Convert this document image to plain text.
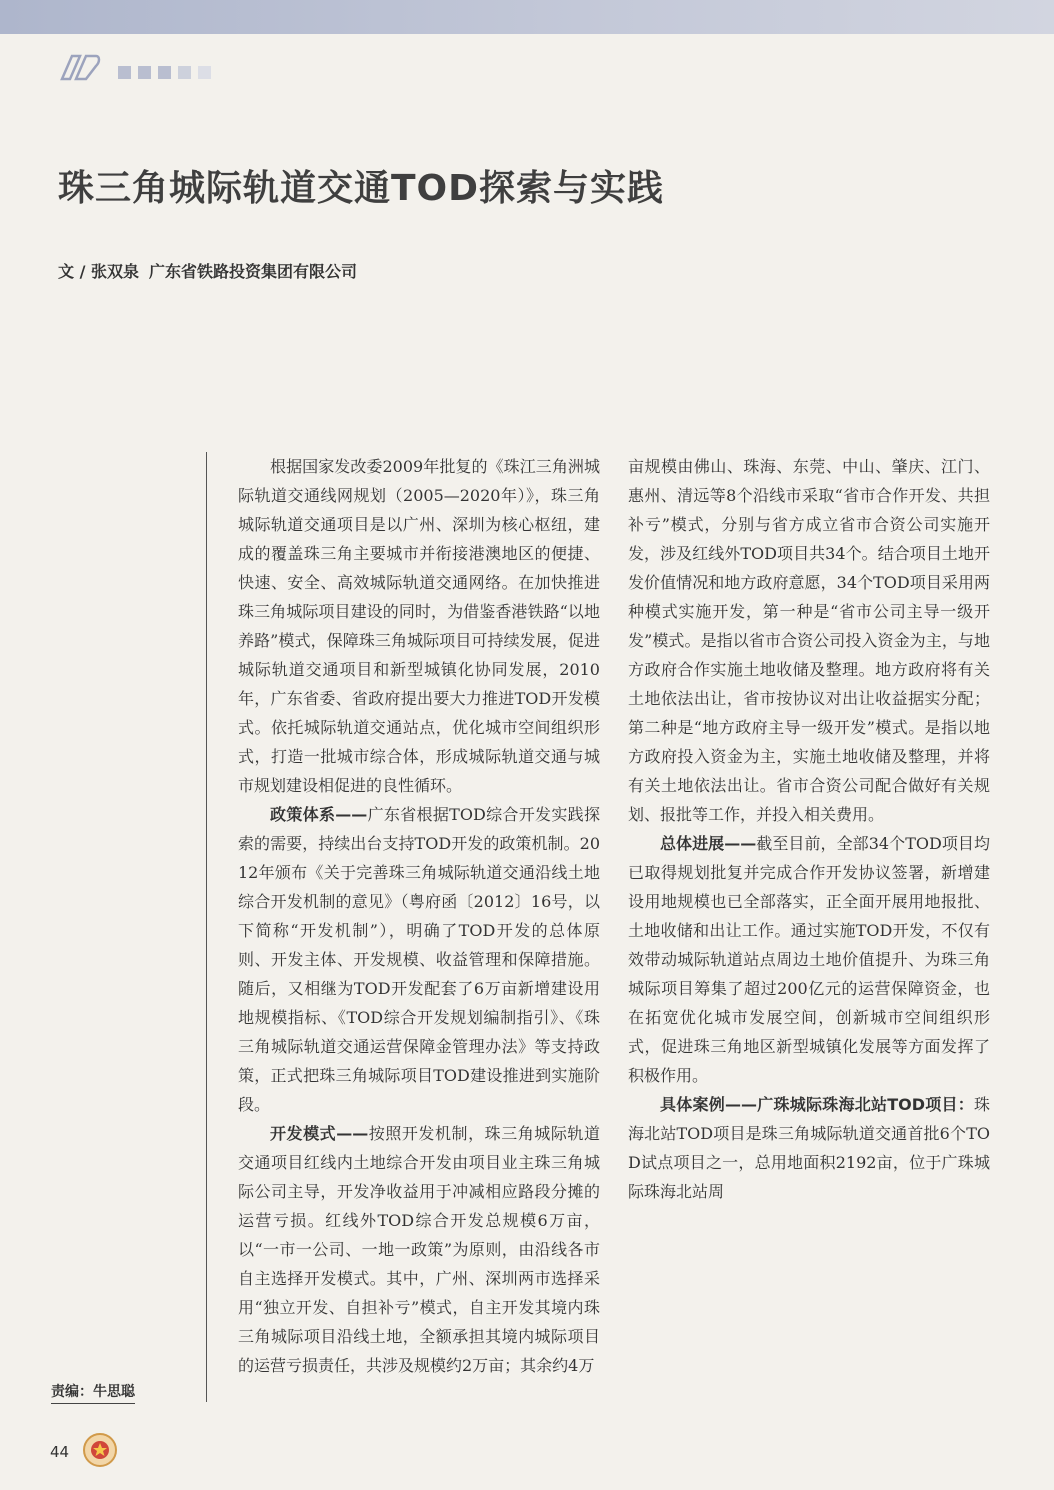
珠三角城际轨道交通TOD探索与实践
文 / 张双泉 广东省铁路投资集团有限公司
责编：牛思聪

根据国家发改委2009年批复的《珠江三角洲城际轨道交通线网规划（2005—2020年）》，珠三角城际轨道交通项目是以广州、深圳为核心枢纽，建成的覆盖珠三角主要城市并衔接港澳地区的便捷、快速、安全、高效城际轨道交通网络。在加快推进珠三角城际项目建设的同时，为借鉴香港铁路“以地养路”模式，保障珠三角城际项目可持续发展，促进城际轨道交通项目和新型城镇化协同发展，2010年，广东省委、省政府提出要大力推进TOD开发模式。依托城际轨道交通站点，优化城市空间组织形式，打造一批城市综合体，形成城际轨道交通与城市规划建设相促进的良性循环。

政策体系——广东省根据TOD综合开发实践探索的需要，持续出台支持TOD开发的政策机制。2012年颁布《关于完善珠三角城际轨道交通沿线土地综合开发机制的意见》（粤府函〔2012〕16号，以下简称“开发机制”），明确了TOD开发的总体原则、开发主体、开发规模、收益管理和保障措施。随后，又相继为TOD开发配套了6万亩新增建设用地规模指标、《TOD综合开发规划编制指引》、《珠三角城际轨道交通运营保障金管理办法》等支持政策，正式把珠三角城际项目TOD建设推进到实施阶段。

开发模式——按照开发机制，珠三角城际轨道交通项目红线内土地综合开发由项目业主珠三角城际公司主导，开发净收益用于冲减相应路段分摊的运营亏损。红线外TOD综合开发总规模6万亩，以“一市一公司、一地一政策”为原则，由沿线各市自主选择开发模式。其中，广州、深圳两市选择采用“独立开发、自担补亏”模式，自主开发其境内珠三角城际项目沿线土地，全额承担其境内城际项目的运营亏损责任，共涉及规模约2万亩；其余约4万

亩规模由佛山、珠海、东莞、中山、肇庆、江门、惠州、清远等8个沿线市采取“省市合作开发、共担补亏”模式，分别与省方成立省市合资公司实施开发，涉及红线外TOD项目共34个。结合项目土地开发价值情况和地方政府意愿，34个TOD项目采用两种模式实施开发，第一种是“省市公司主导一级开发”模式。是指以省市合资公司投入资金为主，与地方政府合作实施土地收储及整理。地方政府将有关土地依法出让，省市按协议对出让收益据实分配；第二种是“地方政府主导一级开发”模式。是指以地方政府投入资金为主，实施土地收储及整理，并将有关土地依法出让。省市合资公司配合做好有关规划、报批等工作，并投入相关费用。

总体进展——截至目前，全部34个TOD项目均已取得规划批复并完成合作开发协议签署，新增建设用地规模也已全部落实，正全面开展用地报批、土地收储和出让工作。通过实施TOD开发，不仅有效带动城际轨道站点周边土地价值提升、为珠三角城际项目筹集了超过200亿元的运营保障资金，也在拓宽优化城市发展空间，创新城市空间组织形式，促进珠三角地区新型城镇化发展等方面发挥了积极作用。

具体案例——广珠城际珠海北站TOD项目：珠海北站TOD项目是珠三角城际轨道交通首批6个TOD试点项目之一，总用地面积2192亩，位于广珠城际珠海北站周

44
